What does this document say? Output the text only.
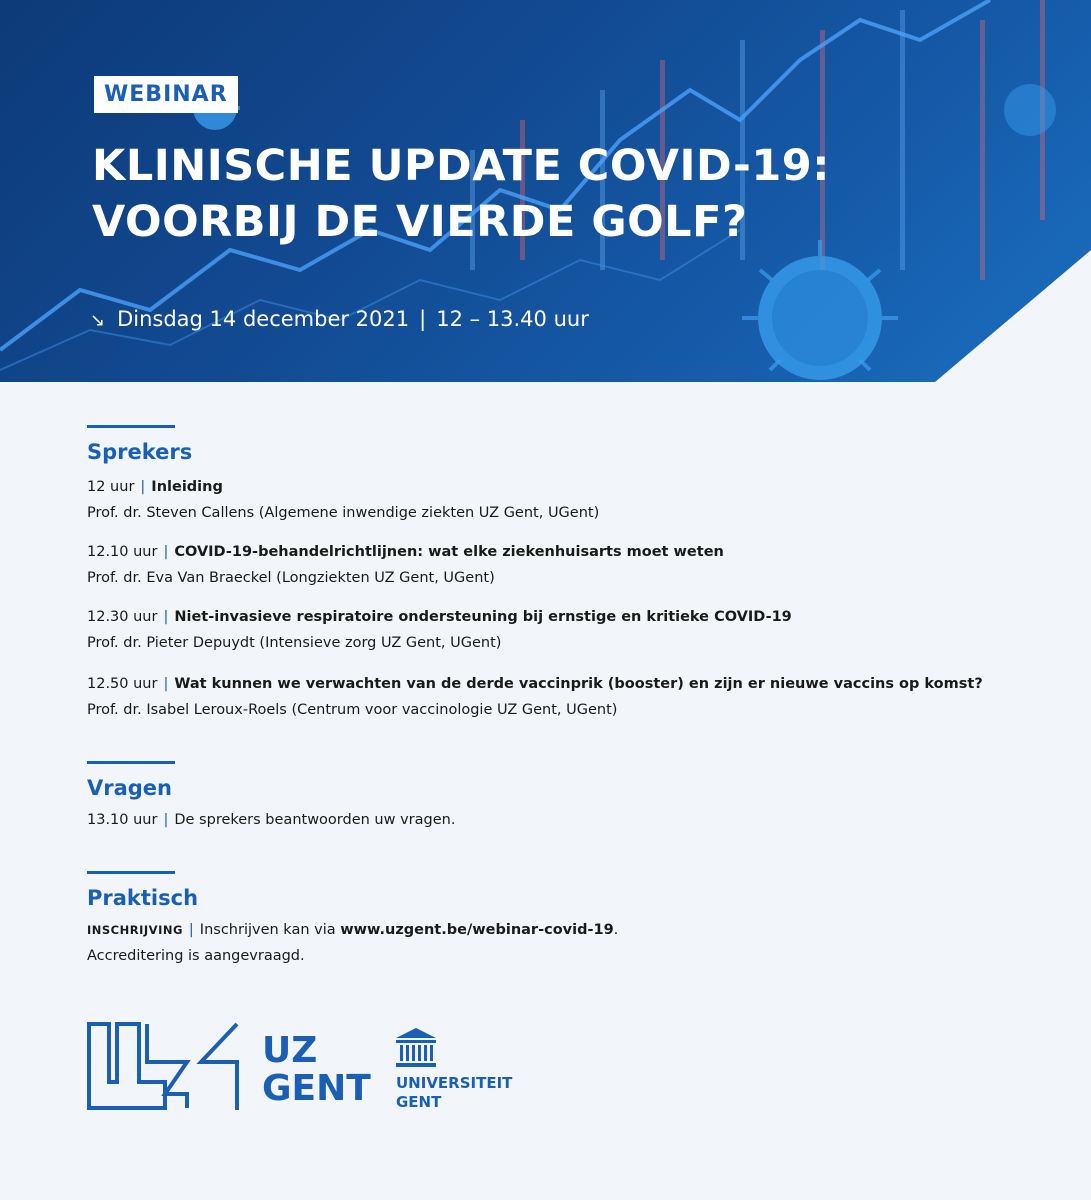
WEBINAR
KLINISCHE UPDATE COVID-19:
VOORBIJ DE VIERDE GOLF?
↘ Dinsdag 14 december 2021 | 12 – 13.40 uur
Sprekers
12 uur | Inleiding
Prof. dr. Steven Callens (Algemene inwendige ziekten UZ Gent, UGent)
12.10 uur | COVID-19-behandelrichtlijnen: wat elke ziekenhuisarts moet weten
Prof. dr. Eva Van Braeckel (Longziekten UZ Gent, UGent)
12.30 uur | Niet-invasieve respiratoire ondersteuning bij ernstige en kritieke COVID-19
Prof. dr. Pieter Depuydt (Intensieve zorg UZ Gent, UGent)
12.50 uur | Wat kunnen we verwachten van de derde vaccinprik (booster) en zijn er nieuwe vaccins op komst?
Prof. dr. Isabel Leroux-Roels (Centrum voor vaccinologie UZ Gent, UGent)
Vragen
13.10 uur | De sprekers beantwoorden uw vragen.
Praktisch
INSCHRIJVING | Inschrijven kan via www.uzgent.be/webinar-covid-19.
Accreditering is aangevraagd.
UZ
GENT UNIVERSITEIT
GENT
